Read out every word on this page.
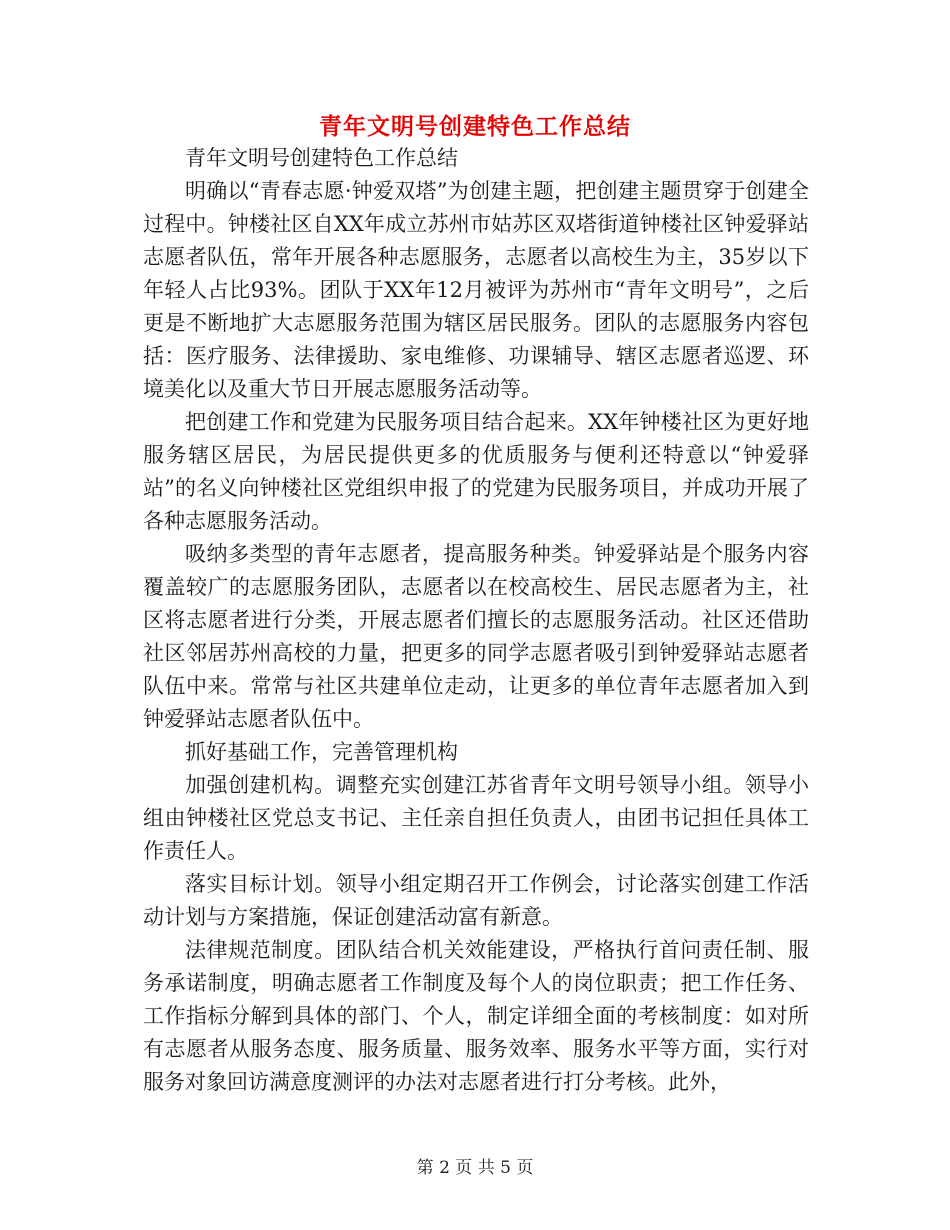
青年文明号创建特色工作总结

青年文明号创建特色工作总结

明确以“青春志愿·钟爱双塔”为创建主题，把创建主题贯穿于创建全过程中。钟楼社区自XX年成立苏州市姑苏区双塔街道钟楼社区钟爱驿站志愿者队伍，常年开展各种志愿服务，志愿者以高校生为主，35岁以下年轻人占比93%。团队于XX年12月被评为苏州市“青年文明号”，之后更是不断地扩大志愿服务范围为辖区居民服务。团队的志愿服务内容包括：医疗服务、法律援助、家电维修、功课辅导、辖区志愿者巡逻、环境美化以及重大节日开展志愿服务活动等。

把创建工作和党建为民服务项目结合起来。XX年钟楼社区为更好地服务辖区居民，为居民提供更多的优质服务与便利还特意以“钟爱驿站”的名义向钟楼社区党组织申报了的党建为民服务项目，并成功开展了各种志愿服务活动。

吸纳多类型的青年志愿者，提高服务种类。钟爱驿站是个服务内容覆盖较广的志愿服务团队，志愿者以在校高校生、居民志愿者为主，社区将志愿者进行分类，开展志愿者们擅长的志愿服务活动。社区还借助社区邻居苏州高校的力量，把更多的同学志愿者吸引到钟爱驿站志愿者队伍中来。常常与社区共建单位走动，让更多的单位青年志愿者加入到钟爱驿站志愿者队伍中。

抓好基础工作，完善管理机构

加强创建机构。调整充实创建江苏省青年文明号领导小组。领导小组由钟楼社区党总支书记、主任亲自担任负责人，由团书记担任具体工作责任人。

落实目标计划。领导小组定期召开工作例会，讨论落实创建工作活动计划与方案措施，保证创建活动富有新意。

法律规范制度。团队结合机关效能建设，严格执行首问责任制、服务承诺制度，明确志愿者工作制度及每个人的岗位职责；把工作任务、工作指标分解到具体的部门、个人，制定详细全面的考核制度：如对所有志愿者从服务态度、服务质量、服务效率、服务水平等方面，实行对服务对象回访满意度测评的办法对志愿者进行打分考核。此外，

第 2 页 共 5 页
